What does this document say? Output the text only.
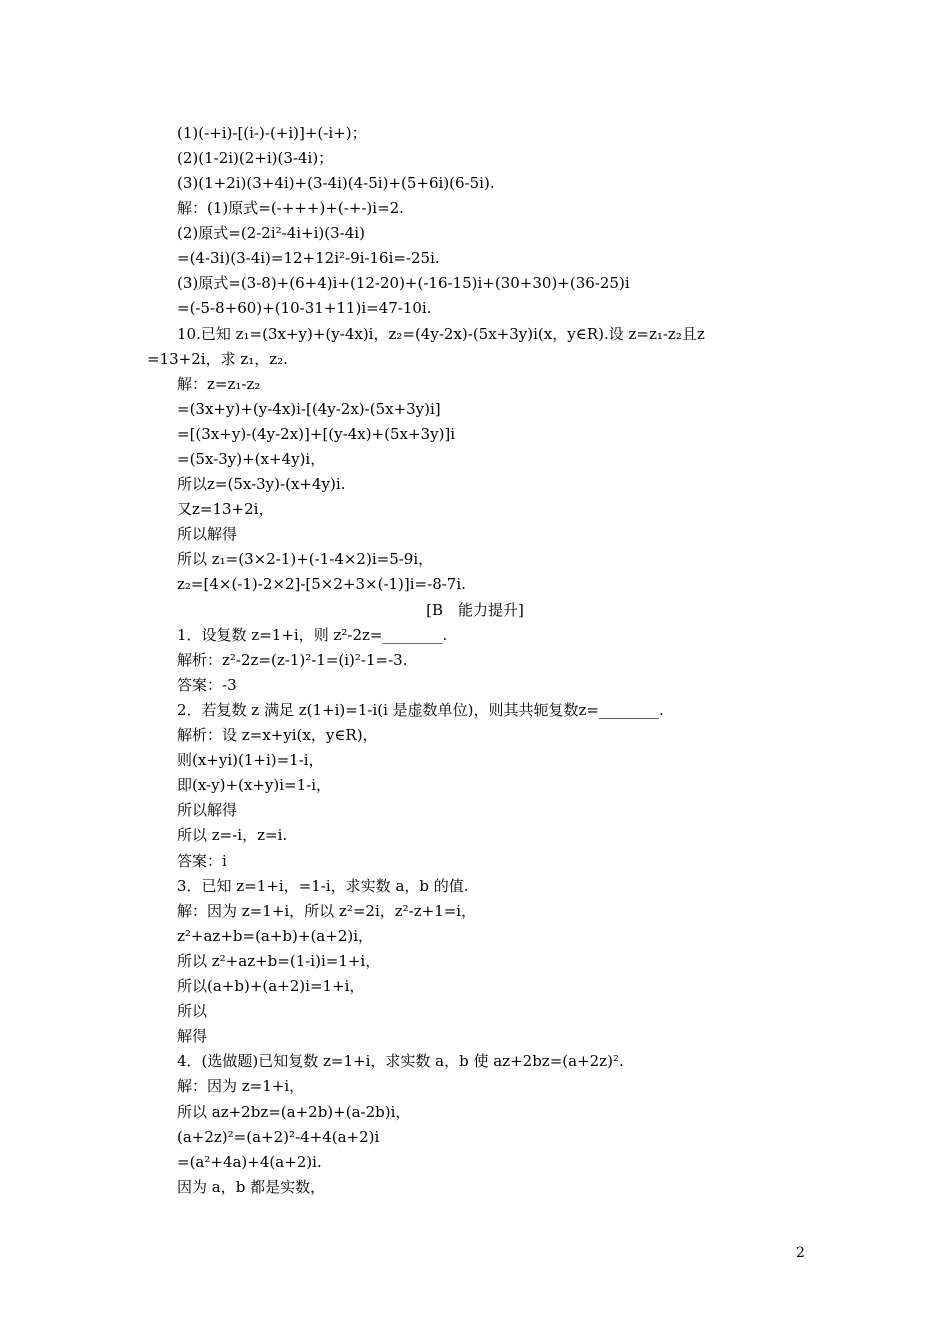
(1)(-+i)-[(i-)-(+i)]+(-i+)；
(2)(1-2i)(2+i)(3-4i)；
(3)(1+2i)(3+4i)+(3-4i)(4-5i)+(5+6i)(6-5i).
解：(1)原式=(-+++)+(-+-)i=2.
(2)原式=(2-2i²-4i+i)(3-4i)
=(4-3i)(3-4i)=12+12i²-9i-16i=-25i.
(3)原式=(3-8)+(6+4)i+(12-20)+(-16-15)i+(30+30)+(36-25)i
=(-5-8+60)+(10-31+11)i=47-10i.
10.已知 z₁=(3x+y)+(y-4x)i，z₂=(4y-2x)-(5x+3y)i(x，y∈R).设 z=z₁-z₂且z
=13+2i，求 z₁，z₂.
解：z=z₁-z₂
=(3x+y)+(y-4x)i-[(4y-2x)-(5x+3y)i]
=[(3x+y)-(4y-2x)]+[(y-4x)+(5x+3y)]i
=(5x-3y)+(x+4y)i，
所以z=(5x-3y)-(x+4y)i.
又z=13+2i，
所以解得
所以 z₁=(3×2-1)+(-1-4×2)i=5-9i，
z₂=[4×(-1)-2×2]-[5×2+3×(-1)]i=-8-7i.
[B　能力提升]
1．设复数 z=1+i，则 z²-2z=________.
解析：z²-2z=(z-1)²-1=(i)²-1=-3.
答案：-3
2．若复数 z 满足 z(1+i)=1-i(i 是虚数单位)，则其共轭复数z=________.
解析：设 z=x+yi(x，y∈R)，
则(x+yi)(1+i)=1-i，
即(x-y)+(x+y)i=1-i，
所以解得
所以 z=-i，z=i.
答案：i
3．已知 z=1+i，=1-i，求实数 a，b 的值.
解：因为 z=1+i，所以 z²=2i，z²-z+1=i，
z²+az+b=(a+b)+(a+2)i，
所以 z²+az+b=(1-i)i=1+i，
所以(a+b)+(a+2)i=1+i，
所以
解得
4．(选做题)已知复数 z=1+i，求实数 a，b 使 az+2bz=(a+2z)².
解：因为 z=1+i，
所以 az+2bz=(a+2b)+(a-2b)i，
(a+2z)²=(a+2)²-4+4(a+2)i
=(a²+4a)+4(a+2)i.
因为 a，b 都是实数，
2
